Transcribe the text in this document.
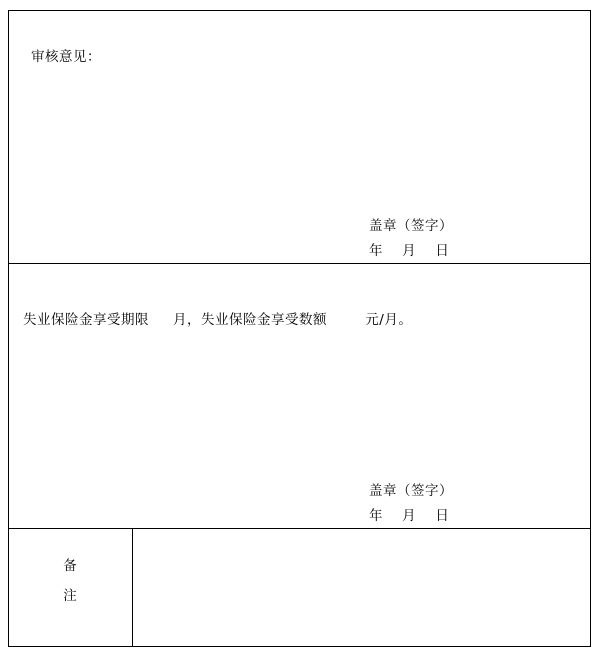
审核意见：
盖章（签字）
年    月    日
失业保险金享受期限     月，失业保险金享受数额        元/月。
盖章（签字）
年    月    日
备
注
